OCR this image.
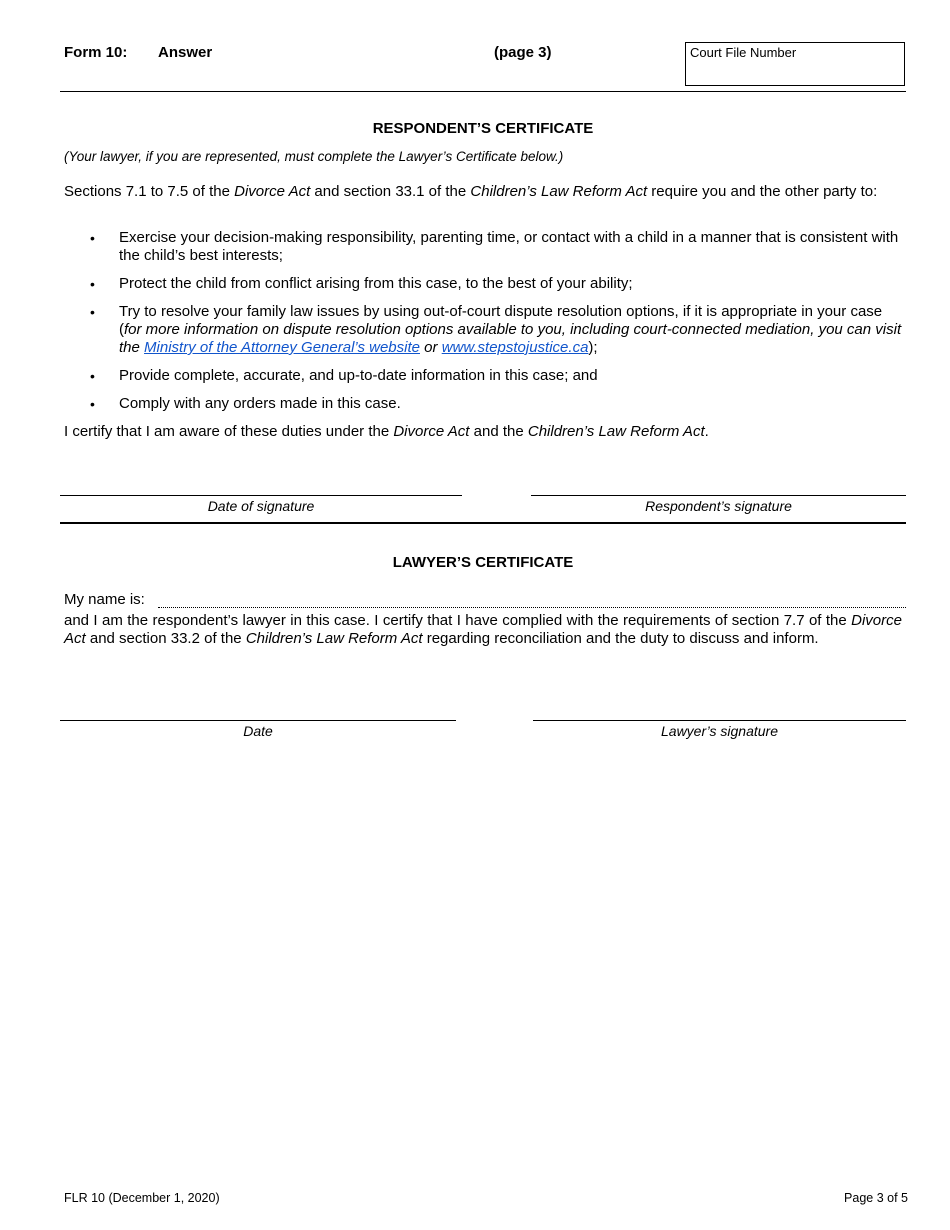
Form 10: Answer	(page 3)	Court File Number
RESPONDENT’S CERTIFICATE
(Your lawyer, if you are represented, must complete the Lawyer’s Certificate below.)
Sections 7.1 to 7.5 of the Divorce Act and section 33.1 of the Children’s Law Reform Act require you and the other party to:
•	Exercise your decision-making responsibility, parenting time, or contact with a child in a manner that is consistent with the child’s best interests;
•	Protect the child from conflict arising from this case, to the best of your ability;
•	Try to resolve your family law issues by using out-of-court dispute resolution options, if it is appropriate in your case (for more information on dispute resolution options available to you, including court-connected mediation, you can visit the Ministry of the Attorney General’s website or www.stepstojustice.ca);
•	Provide complete, accurate, and up-to-date information in this case; and
•	Comply with any orders made in this case.
I certify that I am aware of these duties under the Divorce Act and the Children’s Law Reform Act.
Date of signature	Respondent’s signature
LAWYER’S CERTIFICATE
My name is:
and I am the respondent’s lawyer in this case. I certify that I have complied with the requirements of section 7.7 of the Divorce Act and section 33.2 of the Children’s Law Reform Act regarding reconciliation and the duty to discuss and inform.
Date	Lawyer’s signature
FLR 10 (December 1, 2020)	Page 3 of 5
